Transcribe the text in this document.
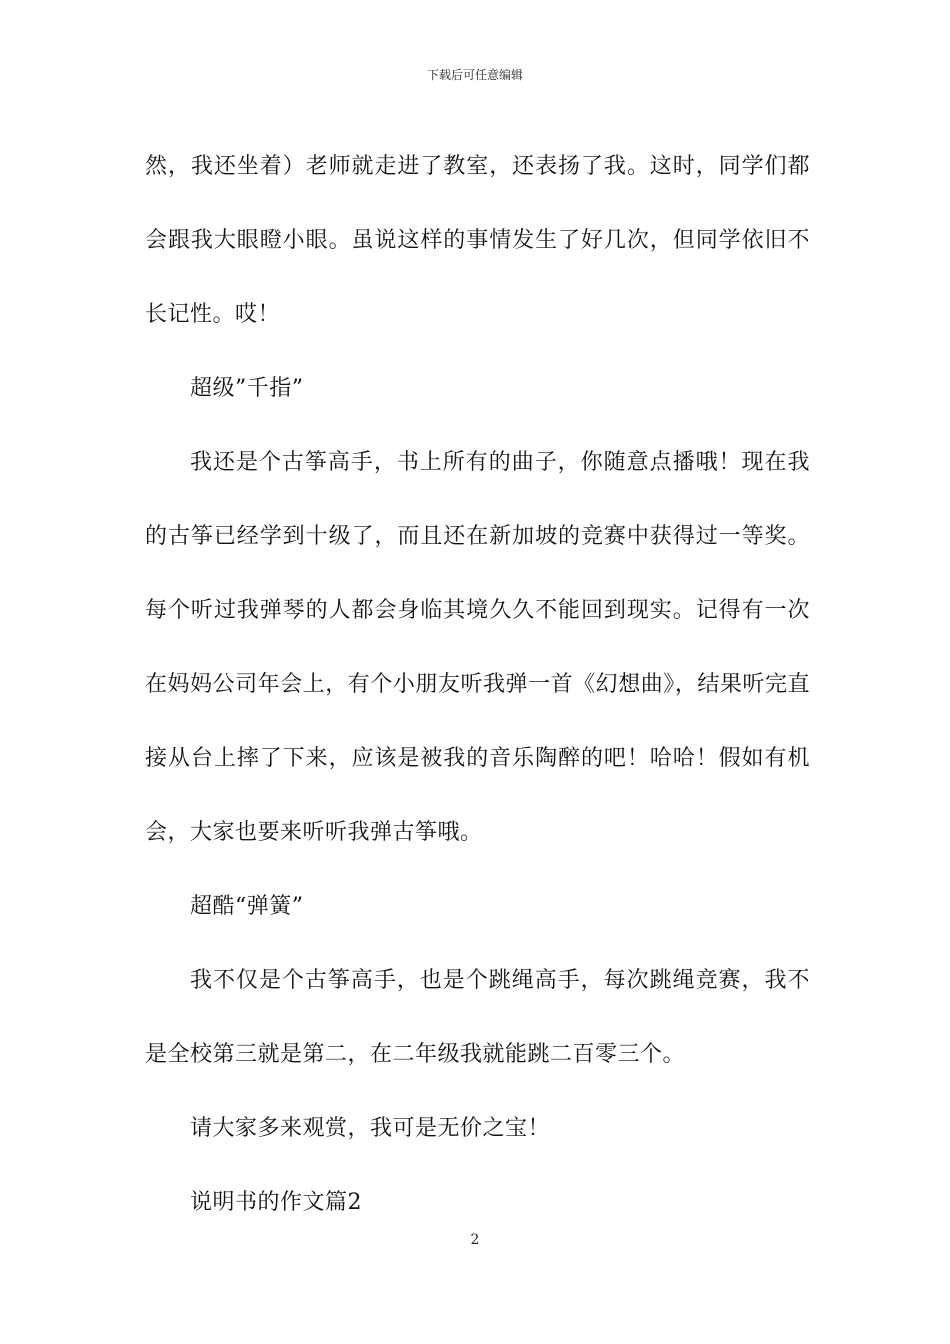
下载后可任意编辑

然，我还坐着）老师就走进了教室，还表扬了我。这时，同学们都会跟我大眼瞪小眼。虽说这样的事情发生了好几次，但同学依旧不长记性。哎！

超级”千指”

我还是个古筝高手，书上所有的曲子，你随意点播哦！现在我的古筝已经学到十级了，而且还在新加坡的竞赛中获得过一等奖。每个听过我弹琴的人都会身临其境久久不能回到现实。记得有一次在妈妈公司年会上，有个小朋友听我弹一首《幻想曲》，结果听完直接从台上摔了下来，应该是被我的音乐陶醉的吧！哈哈！假如有机会，大家也要来听听我弹古筝哦。

超酷“弹簧”

我不仅是个古筝高手，也是个跳绳高手，每次跳绳竞赛，我不是全校第三就是第二，在二年级我就能跳二百零三个。

请大家多来观赏，我可是无价之宝！

说明书的作文篇2

2
